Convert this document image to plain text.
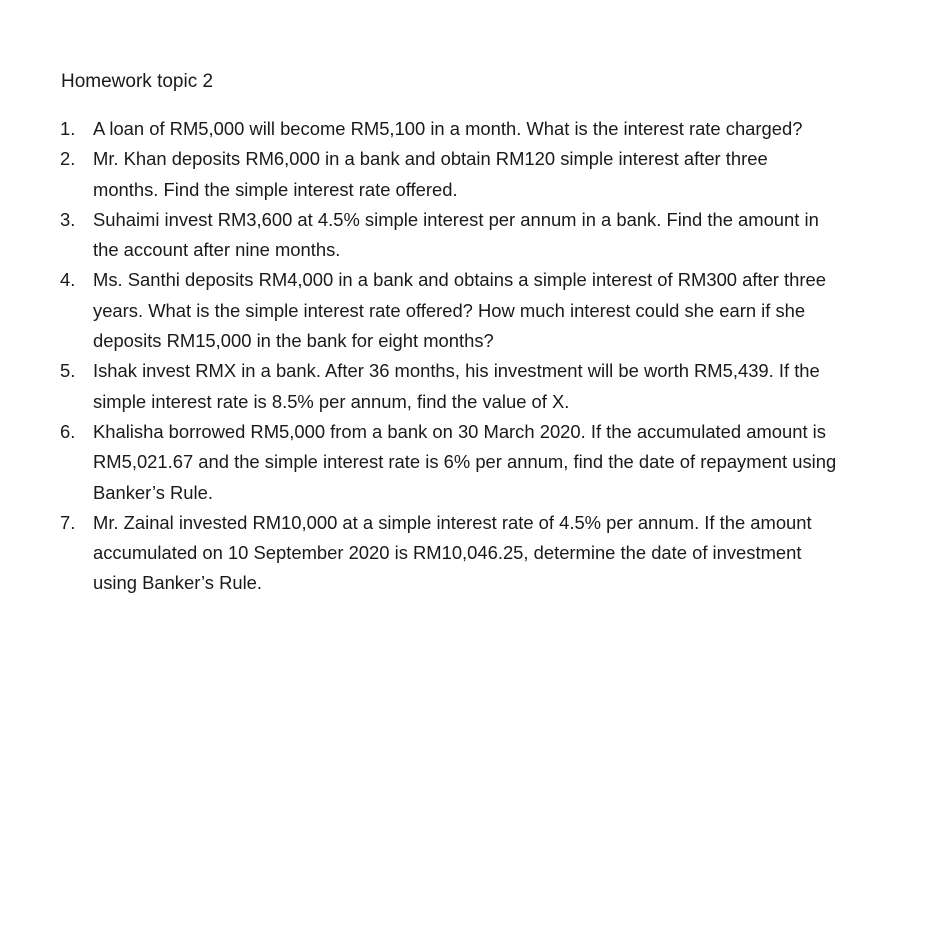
Homework topic 2
1. A loan of RM5,000 will become RM5,100 in a month. What is the interest rate charged?
2. Mr. Khan deposits RM6,000 in a bank and obtain RM120 simple interest after three months. Find the simple interest rate offered.
3. Suhaimi invest RM3,600 at 4.5% simple interest per annum in a bank. Find the amount in the account after nine months.
4. Ms. Santhi deposits RM4,000 in a bank and obtains a simple interest of RM300 after three years. What is the simple interest rate offered? How much interest could she earn if she deposits RM15,000 in the bank for eight months?
5. Ishak invest RMX in a bank. After 36 months, his investment will be worth RM5,439. If the simple interest rate is 8.5% per annum, find the value of X.
6. Khalisha borrowed RM5,000 from a bank on 30 March 2020. If the accumulated amount is RM5,021.67 and the simple interest rate is 6% per annum, find the date of repayment using Banker’s Rule.
7. Mr. Zainal invested RM10,000 at a simple interest rate of 4.5% per annum. If the amount accumulated on 10 September 2020 is RM10,046.25, determine the date of investment using Banker’s Rule.
